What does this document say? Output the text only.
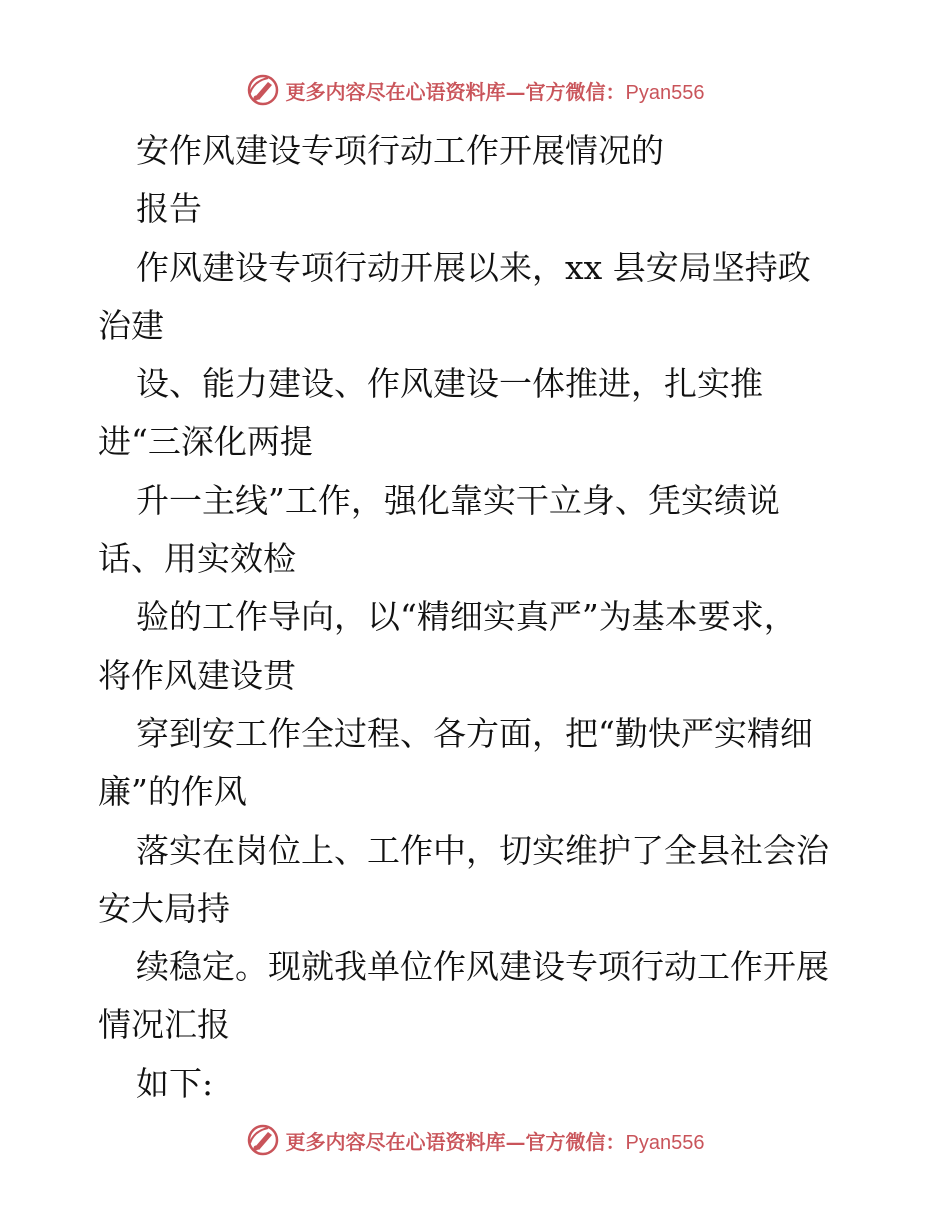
更多内容尽在心语资料库—官方微信：Pyan556
安作风建设专项行动工作开展情况的
报告
作风建设专项行动开展以来，xx 县安局坚持政
治建
设、能力建设、作风建设一体推进，扎实推
进“三深化两提
升一主线”工作，强化靠实干立身、凭实绩说
话、用实效检
验的工作导向，以“精细实真严”为基本要求，
将作风建设贯
穿到安工作全过程、各方面，把“勤快严实精细
廉”的作风
落实在岗位上、工作中，切实维护了全县社会治
安大局持
续稳定。现就我单位作风建设专项行动工作开展
情况汇报
如下:
更多内容尽在心语资料库—官方微信：Pyan556
